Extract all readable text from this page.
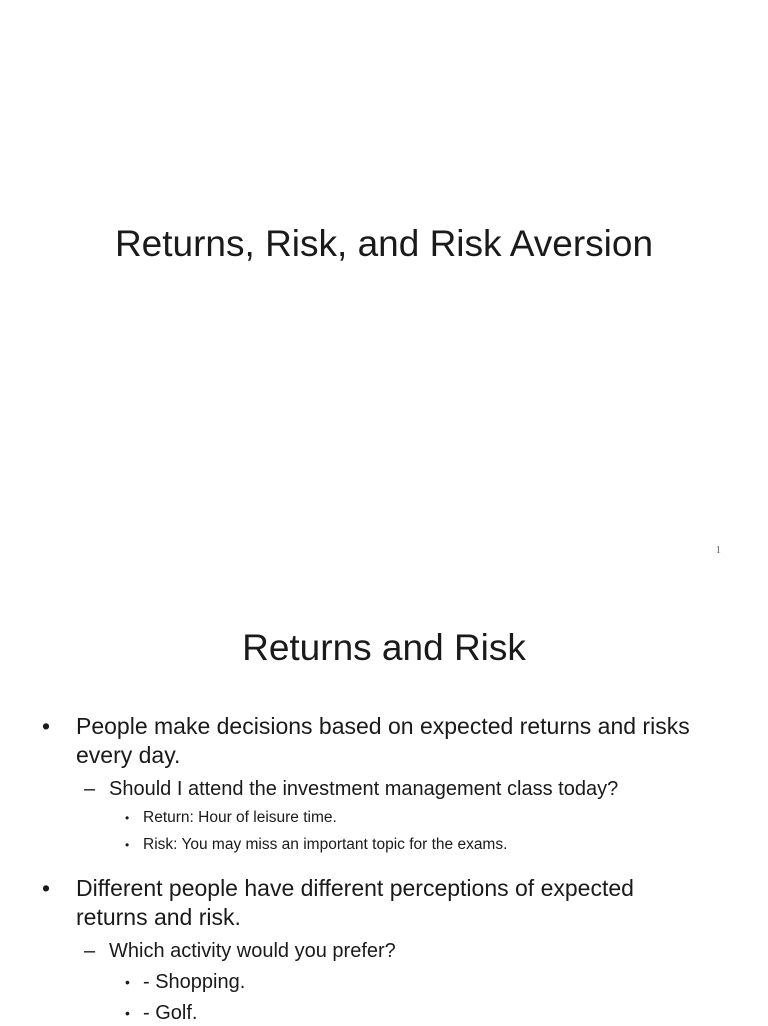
Returns, Risk, and Risk Aversion
1
Returns and Risk
• People make decisions based on expected returns and risks every day.
– Should I attend the investment management class today?
• Return: Hour of leisure time.
• Risk: You may miss an important topic for the exams.
• Different people have different perceptions of expected returns and risk.
– Which activity would you prefer?
• - Shopping.
• - Golf.
